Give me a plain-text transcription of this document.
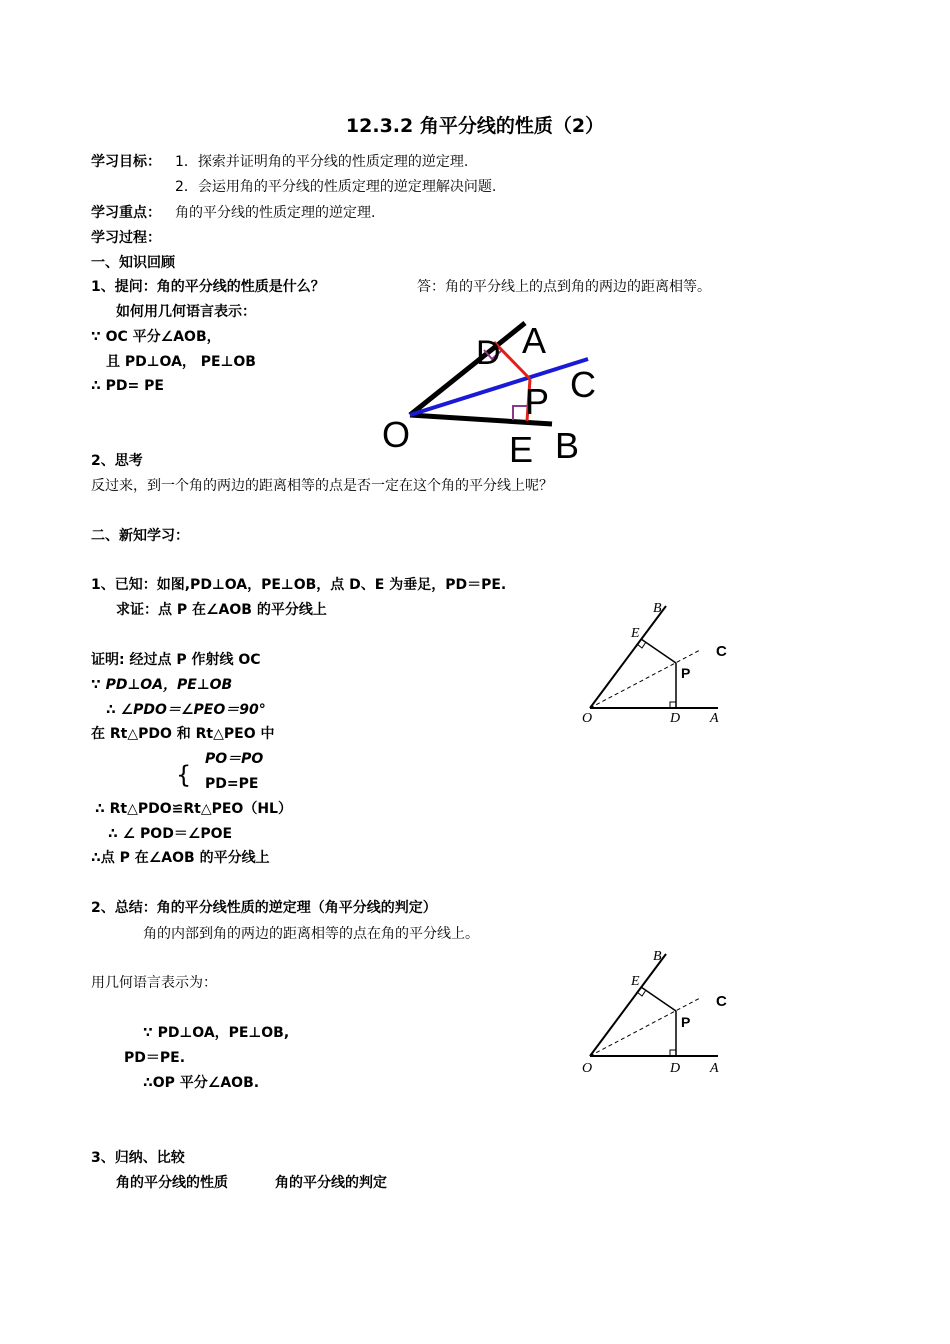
12.3.2 角平分线的性质（2）
学习目标： 1．探索并证明角的平分线的性质定理的逆定理.
2．会运用角的平分线的性质定理的逆定理解决问题.
学习重点： 角的平分线的性质定理的逆定理.
学习过程：
一、知识回顾
1、提问：角的平分线的性质是什么？	答：角的平分线上的点到角的两边的距离相等。
如何用几何语言表示：
∵ OC 平分∠AOB，
且 PD⊥OA， PE⊥OB
∴ PD= PE
A
D
C
P
O	E B
2、思考
反过来，到一个角的两边的距离相等的点是否一定在这个角的平分线上呢？
二、新知学习：
1、已知：如图,PD⊥OA，PE⊥OB，点 D、E 为垂足，PD＝PE.
求证：点 P 在∠AOB 的平分线上
证明: 经过点 P 作射线 OC
∵ PD⊥OA，PE⊥OB
∴ ∠PDO＝∠PEO＝90°
在 Rt△PDO 和 Rt△PEO 中
{
PO＝PO
PD=PE
∴ Rt△PDO≌Rt△PEO（HL）
∴ ∠ POD＝∠POE
∴点 P 在∠AOB 的平分线上
B
E
C
P
O	D A
2、总结：角的平分线性质的逆定理（角平分线的判定）
角的内部到角的两边的距离相等的点在角的平分线上。
用几何语言表示为：
∵ PD⊥OA，PE⊥OB,
PD＝PE.
∴OP 平分∠AOB.
B
E
C
P
O	D A
3、归纳、比较
角的平分线的性质	角的平分线的判定
